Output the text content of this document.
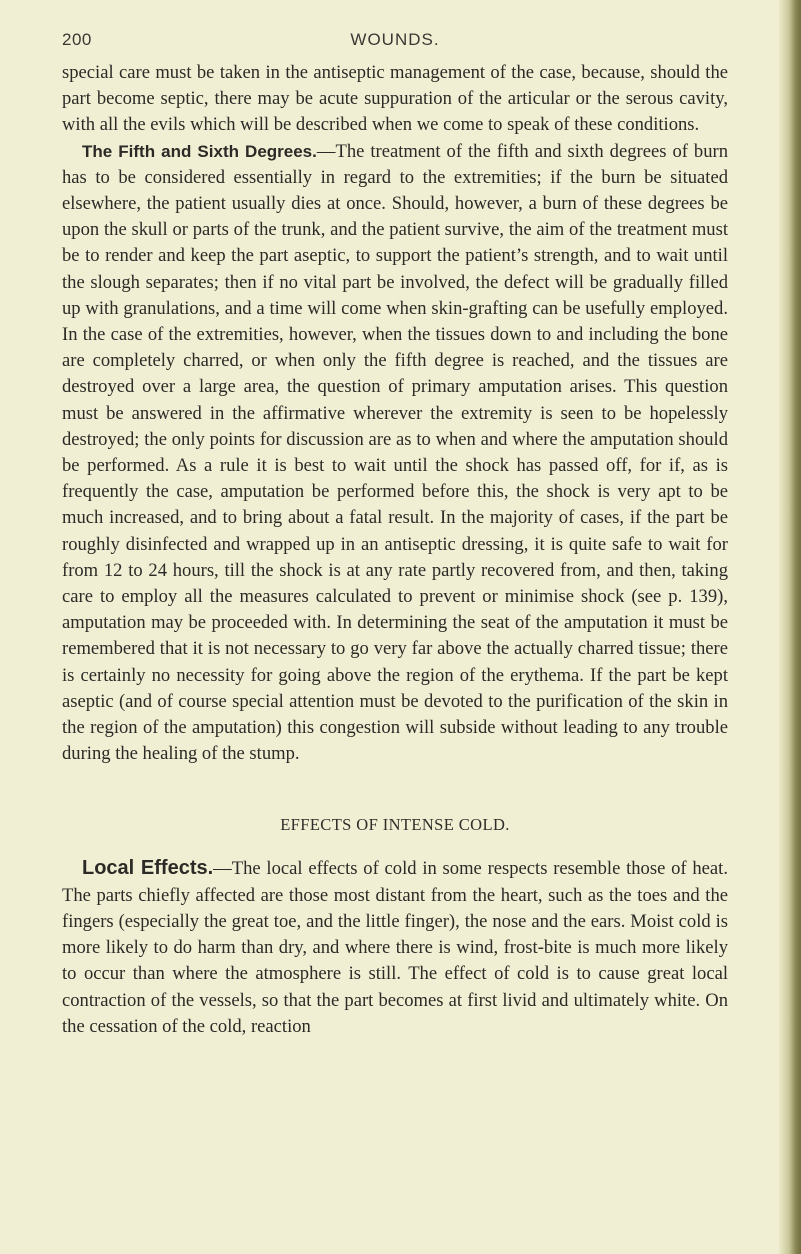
200	WOUNDS.

special care must be taken in the antiseptic management of the case, because, should the part become septic, there may be acute suppuration of the articular or the serous cavity, with all the evils which will be described when we come to speak of these conditions.

The Fifth and Sixth Degrees.—The treatment of the fifth and sixth degrees of burn has to be considered essentially in regard to the extremities; if the burn be situated elsewhere, the patient usually dies at once. Should, however, a burn of these degrees be upon the skull or parts of the trunk, and the patient survive, the aim of the treatment must be to render and keep the part aseptic, to support the patient’s strength, and to wait until the slough separates; then if no vital part be involved, the defect will be gradually filled up with granulations, and a time will come when skin-grafting can be usefully employed. In the case of the extremities, however, when the tissues down to and including the bone are completely charred, or when only the fifth degree is reached, and the tissues are destroyed over a large area, the question of primary amputation arises. This question must be answered in the affirmative wherever the extremity is seen to be hopelessly destroyed; the only points for discussion are as to when and where the amputation should be performed. As a rule it is best to wait until the shock has passed off, for if, as is frequently the case, amputation be performed before this, the shock is very apt to be much increased, and to bring about a fatal result. In the majority of cases, if the part be roughly disinfected and wrapped up in an antiseptic dressing, it is quite safe to wait for from 12 to 24 hours, till the shock is at any rate partly recovered from, and then, taking care to employ all the measures calculated to prevent or minimise shock (see p. 139), amputation may be proceeded with. In determining the seat of the amputation it must be remembered that it is not necessary to go very far above the actually charred tissue; there is certainly no necessity for going above the region of the erythema. If the part be kept aseptic (and of course special attention must be devoted to the purification of the skin in the region of the amputation) this congestion will subside without leading to any trouble during the healing of the stump.

EFFECTS OF INTENSE COLD.

Local Effects.—The local effects of cold in some respects resemble those of heat. The parts chiefly affected are those most distant from the heart, such as the toes and the fingers (especially the great toe, and the little finger), the nose and the ears. Moist cold is more likely to do harm than dry, and where there is wind, frost-bite is much more likely to occur than where the atmosphere is still. The effect of cold is to cause great local contraction of the vessels, so that the part becomes at first livid and ultimately white. On the cessation of the cold, reaction
